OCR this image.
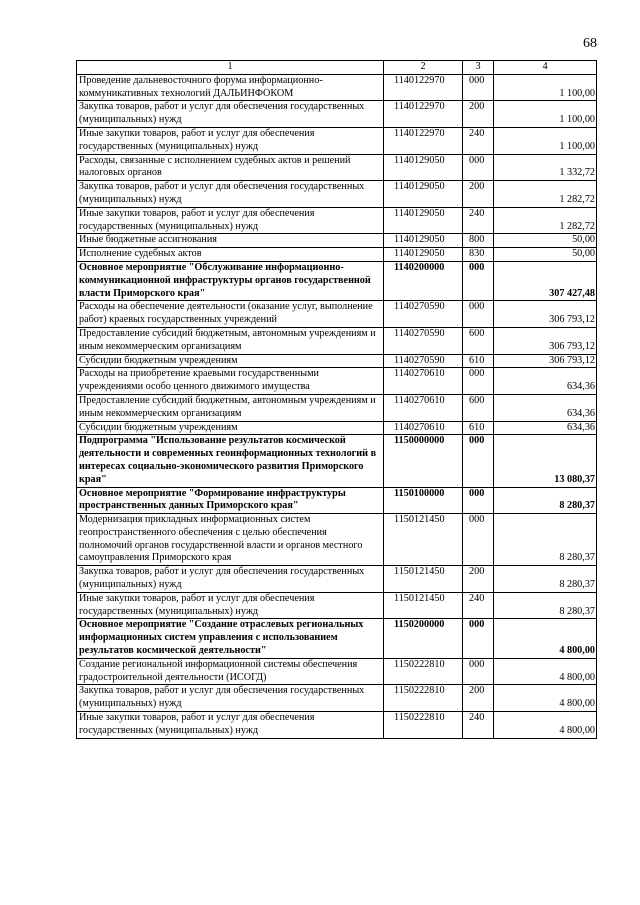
68
1	2	3	4
Проведение дальневосточного форума информационно-коммуникативных технологий ДАЛЬИНФОКОМ	1140122970	000	1 100,00
Закупка товаров, работ и услуг для обеспечения государственных (муниципальных) нужд	1140122970	200	1 100,00
Иные закупки товаров, работ и услуг для обеспечения государственных (муниципальных) нужд	1140122970	240	1 100,00
Расходы, связанные с исполнением судебных актов и решений налоговых органов	1140129050	000	1 332,72
Закупка товаров, работ и услуг для обеспечения государственных (муниципальных) нужд	1140129050	200	1 282,72
Иные закупки товаров, работ и услуг для обеспечения государственных (муниципальных) нужд	1140129050	240	1 282,72
Иные бюджетные ассигнования	1140129050	800	50,00
Исполнение судебных актов	1140129050	830	50,00
Основное мероприятие "Обслуживание информационно-коммуникационной инфраструктуры органов государственной власти Приморского края"	1140200000	000	307 427,48
Расходы на обеспечение деятельности (оказание услуг, выполнение работ) краевых государственных учреждений	1140270590	000	306 793,12
Предоставление субсидий бюджетным, автономным учреждениям и иным некоммерческим организациям	1140270590	600	306 793,12
Субсидии бюджетным учреждениям	1140270590	610	306 793,12
Расходы на приобретение краевыми государственными учреждениями особо ценного движимого имущества	1140270610	000	634,36
Предоставление субсидий бюджетным, автономным учреждениям и иным некоммерческим организациям	1140270610	600	634,36
Субсидии бюджетным учреждениям	1140270610	610	634,36
Подпрограмма "Использование результатов космической деятельности и современных геоинформационных технологий в интересах социально-экономического развития Приморского края"	1150000000	000	13 080,37
Основное мероприятие "Формирование инфраструктуры пространственных данных Приморского края"	1150100000	000	8 280,37
Модернизация прикладных информационных систем геопространственного обеспечения с целью обеспечения полномочий органов государственной власти и органов местного самоуправления Приморского края	1150121450	000	8 280,37
Закупка товаров, работ и услуг для обеспечения государственных (муниципальных) нужд	1150121450	200	8 280,37
Иные закупки товаров, работ и услуг для обеспечения государственных (муниципальных) нужд	1150121450	240	8 280,37
Основное мероприятие "Создание отраслевых региональных информационных систем управления с использованием результатов космической деятельности"	1150200000	000	4 800,00
Создание региональной информационной системы обеспечения градостроительной деятельности (ИСОГД)	1150222810	000	4 800,00
Закупка товаров, работ и услуг для обеспечения государственных (муниципальных) нужд	1150222810	200	4 800,00
Иные закупки товаров, работ и услуг для обеспечения государственных (муниципальных) нужд	1150222810	240	4 800,00
